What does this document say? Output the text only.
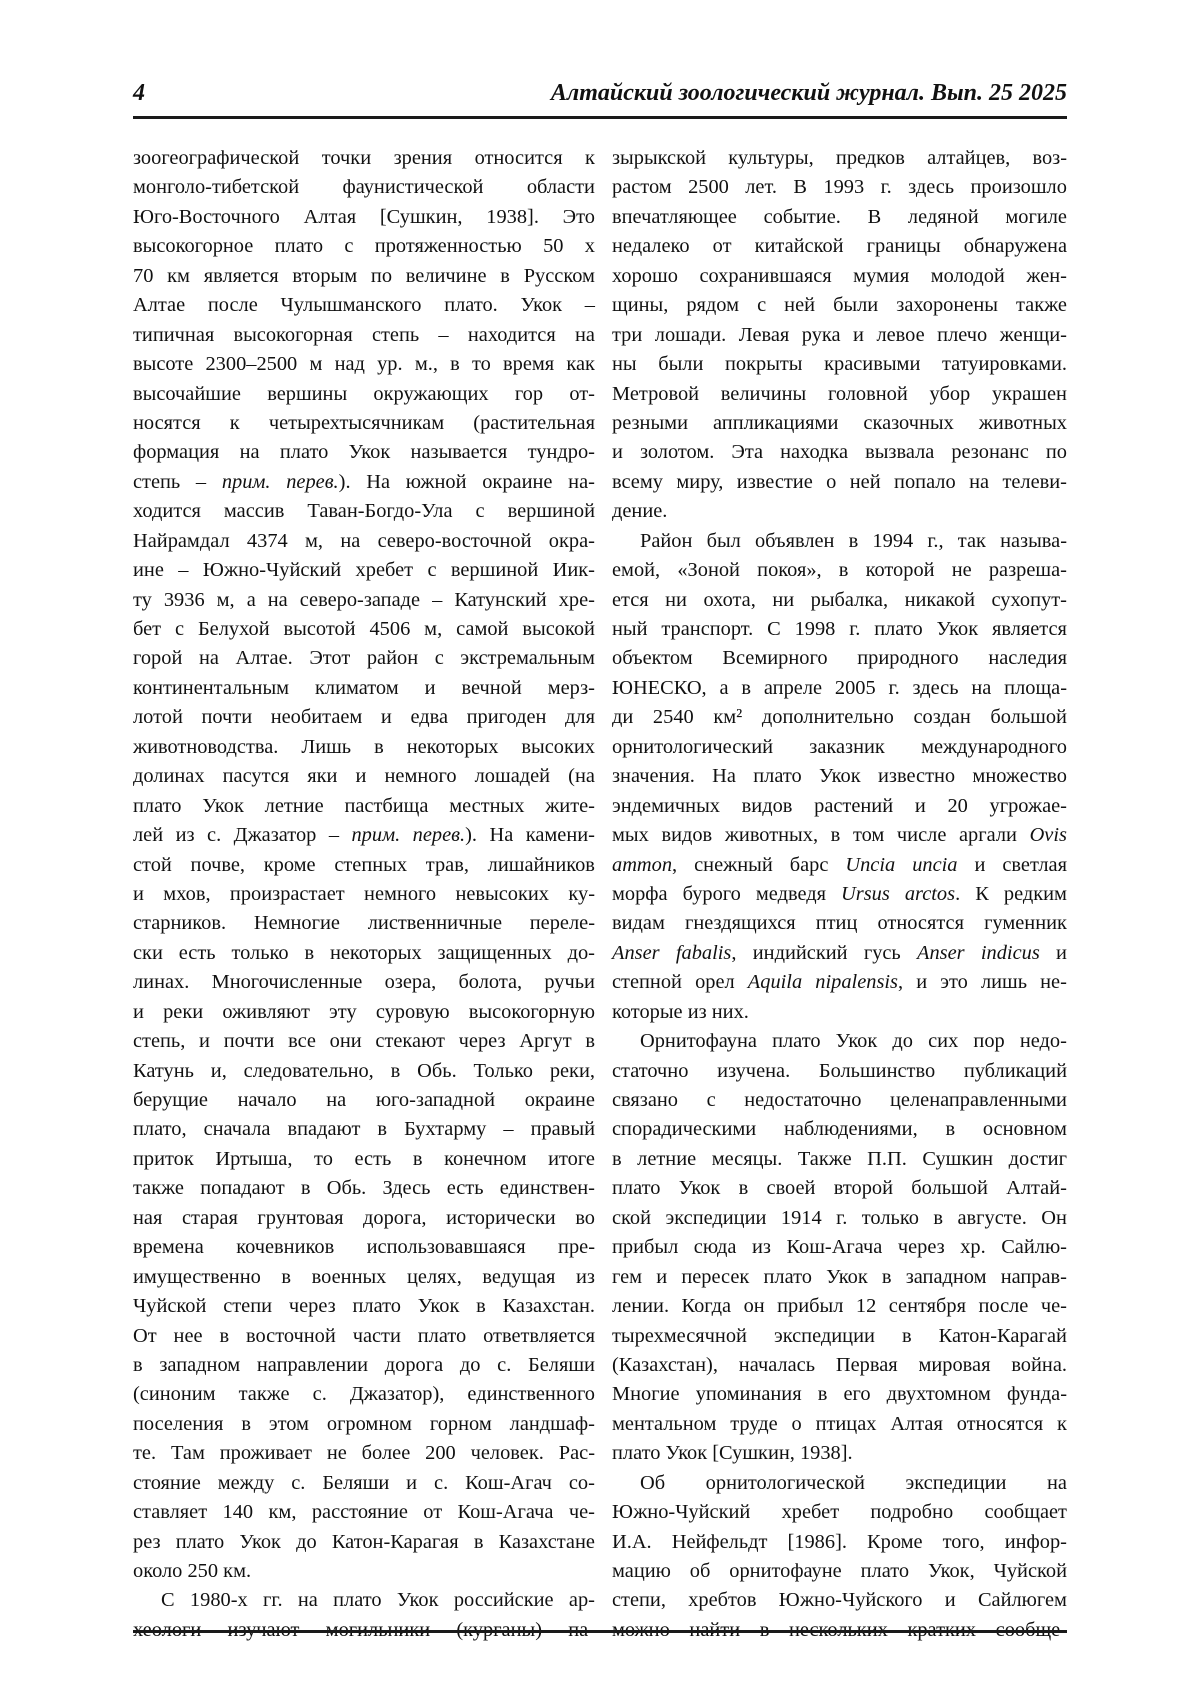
4	Алтайский зоологический журнал. Вып. 25 2025
зоогеографической точки зрения относится к
монголо-тибетской фаунистической области
Юго-Восточного Алтая [Сушкин, 1938]. Это
высокогорное плато с протяженностью 50 х
70 км является вторым по величине в Русском
Алтае после Чулышманского плато. Укок –
типичная высокогорная степь – находится на
высоте 2300–2500 м над ур. м., в то время как
высочайшие вершины окружающих гор от-
носятся к четырехтысячникам (растительная
формация на плато Укок называется тундро-
степь – прим. перев.). На южной окраине на-
ходится массив Таван-Богдо-Ула с вершиной
Найрамдал 4374 м, на северо-восточной окра-
ине – Южно-Чуйский хребет с вершиной Иик-
ту 3936 м, а на северо-западе – Катунский хре-
бет с Белухой высотой 4506 м, самой высокой
горой на Алтае. Этот район с экстремальным
континентальным климатом и вечной мерз-
лотой почти необитаем и едва пригоден для
животноводства. Лишь в некоторых высоких
долинах пасутся яки и немного лошадей (на
плато Укок летние пастбища местных жите-
лей из с. Джазатор – прим. перев.). На камени-
стой почве, кроме степных трав, лишайников
и мхов, произрастает немного невысоких ку-
старников. Немногие лиственничные переле-
ски есть только в некоторых защищенных до-
линах. Многочисленные озера, болота, ручьи
и реки оживляют эту суровую высокогорную
степь, и почти все они стекают через Аргут в
Катунь и, следовательно, в Обь. Только реки,
берущие начало на юго-западной окраине
плато, сначала впадают в Бухтарму – правый
приток Иртыша, то есть в конечном итоге
также попадают в Обь. Здесь есть единствен-
ная старая грунтовая дорога, исторически во
времена кочевников использовавшаяся пре-
имущественно в военных целях, ведущая из
Чуйской степи через плато Укок в Казахстан.
От нее в восточной части плато ответвляется
в западном направлении дорога до с. Беляши
(синоним также с. Джазатор), единственного
поселения в этом огромном горном ландшаф-
те. Там проживает не более 200 человек. Рас-
стояние между с. Беляши и с. Кош-Агач со-
ставляет 140 км, расстояние от Кош-Агача че-
рез плато Укок до Катон-Карагая в Казахстане
около 250 км.
С 1980-х гг. на плато Укок российские ар-
зырыкской культуры, предков алтайцев, воз-
растом 2500 лет. В 1993 г. здесь произошло
впечатляющее событие. В ледяной могиле
недалеко от китайской границы обнаружена
хорошо сохранившаяся мумия молодой жен-
щины, рядом с ней были захоронены также
три лошади. Левая рука и левое плечо женщи-
ны были покрыты красивыми татуировками.
Метровой величины головной убор украшен
резными аппликациями сказочных животных
и золотом. Эта находка вызвала резонанс по
всему миру, известие о ней попало на телеви-
дение.
Район был объявлен в 1994 г., так называ-
емой, «Зоной покоя», в которой не разреша-
ется ни охота, ни рыбалка, никакой сухопут-
ный транспорт. С 1998 г. плато Укок является
объектом Всемирного природного наследия
ЮНЕСКО, а в апреле 2005 г. здесь на площа-
ди 2540 км² дополнительно создан большой
орнитологический заказник международного
значения. На плато Укок известно множество
эндемичных видов растений и 20 угрожае-
мых видов животных, в том числе аргали Ovis
ammon, снежный барс Uncia uncia и светлая
морфа бурого медведя Ursus arctos. К редким
видам гнездящихся птиц относятся гуменник
Anser fabalis, индийский гусь Anser indicus и
степной орел Aquila nipalensis, и это лишь не-
которые из них.
Орнитофауна плато Укок до сих пор недо-
статочно изучена. Большинство публикаций
связано с недостаточно целенаправленными
спорадическими наблюдениями, в основном
в летние месяцы. Также П.П. Сушкин достиг
плато Укок в своей второй большой Алтай-
ской экспедиции 1914 г. только в августе. Он
прибыл сюда из Кош-Агача через хр. Сайлю-
гем и пересек плато Укок в западном направ-
лении. Когда он прибыл 12 сентября после че-
тырехмесячной экспедиции в Катон-Карагай
(Казахстан), началась Первая мировая война.
Многие упоминания в его двухтомном фунда-
ментальном труде о птицах Алтая относятся к
плато Укок [Сушкин, 1938].
Об орнитологической экспедиции на
Южно-Чуйский хребет подробно сообщает
И.А. Нейфельдт [1986]. Кроме того, инфор-
мацию об орнитофауне плато Укок, Чуйской
степи, хребтов Южно-Чуйского и Сайлюгем
